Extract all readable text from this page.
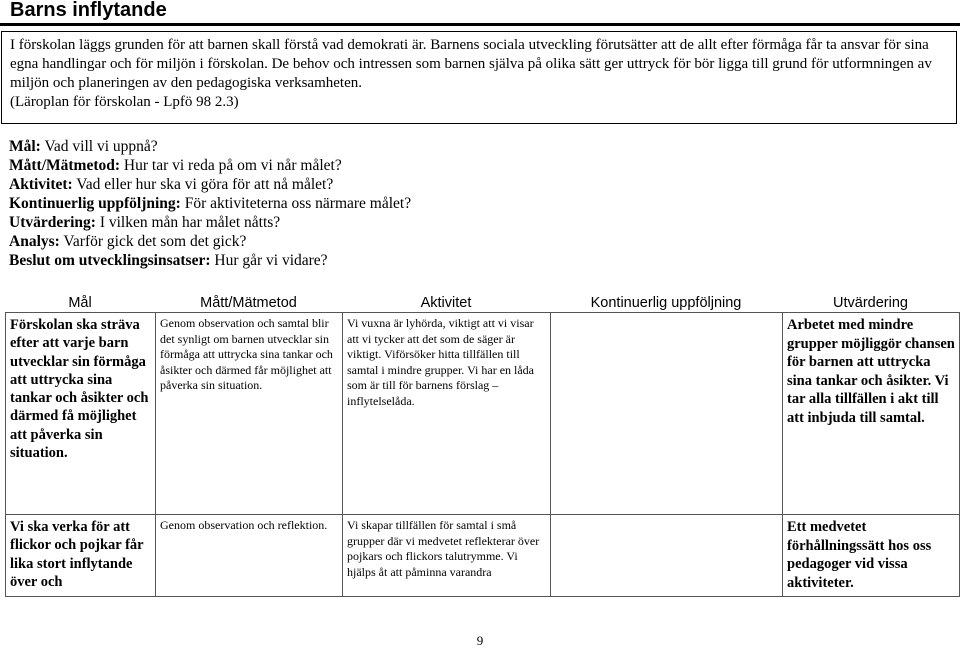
Barns inflytande

I förskolan läggs grunden för att barnen skall förstå vad demokrati är. Barnens sociala utveckling förutsätter att de allt efter förmåga får ta ansvar för sina egna handlingar och för miljön i förskolan. De behov och intressen som barnen själva på olika sätt ger uttryck för bör ligga till grund för utformningen av miljön och planeringen av den pedagogiska verksamheten.

(Läroplan för förskolan - Lpfö 98 2.3)

Mål: Vad vill vi uppnå?
Mått/Mätmetod: Hur tar vi reda på om vi når målet?
Aktivitet: Vad eller hur ska vi göra för att nå målet?
Kontinuerlig uppföljning: För aktiviteterna oss närmare målet?
Utvärdering: I vilken mån har målet nåtts?
Analys: Varför gick det som det gick?
Beslut om utvecklingsinsatser: Hur går vi vidare?
Mål	Mått/Mätmetod	Aktivitet	Kontinuerlig uppföljning	Utvärdering
Förskolan ska sträva efter att varje barn utvecklar sin förmåga att uttrycka sina tankar och åsikter och därmed få möjlighet att påverka sin situation.	Genom observation och samtal blir det synligt om barnen utvecklar sin förmåga att uttrycka sina tankar och åsikter och därmed får möjlighet att påverka sin situation.	Vi vuxna är lyhörda, viktigt att vi visar att vi tycker att det som de säger är viktigt. Viförsöker hitta tillfällen till samtal i mindre grupper. Vi har en låda som är till för barnens förslag – inflytelselåda.		Arbetet med mindre grupper möjliggör chansen för barnen att uttrycka sina tankar och åsikter. Vi tar alla tillfällen i akt till att inbjuda till samtal.
Vi ska verka för att flickor och pojkar får lika stort inflytande över och	Genom observation och reflektion.	Vi skapar tillfällen för samtal i små grupper där vi medvetet reflekterar över pojkars och flickors talutrymme. Vi hjälps åt att påminna varandra		Ett medvetet förhållningssätt hos oss pedagoger vid vissa aktiviteter.
9
